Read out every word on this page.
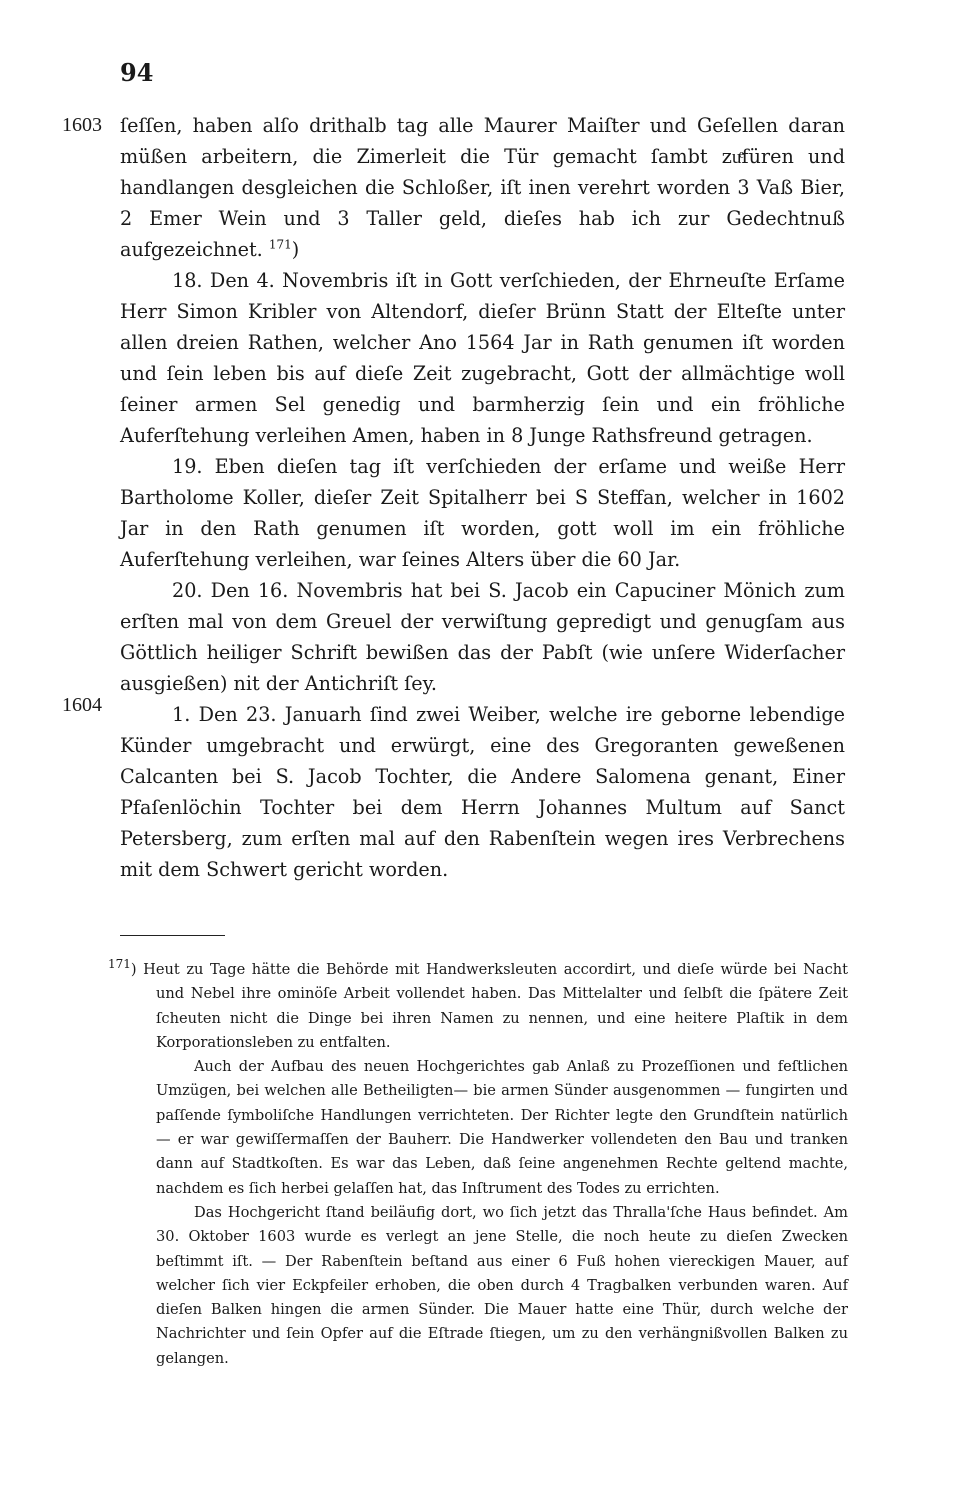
94
1603
1604

ſeſſen, haben alſo drithalb tag alle Maurer Maiſter und Geſellen daran müßen arbeitern, die Zimerleit die Tür gemacht ſambt zuͤfüren und handlangen desgleichen die Schloßer, iſt inen verehrt worden 3 Vaß Bier, 2 Emer Wein und 3 Taller geld, dieſes hab ich zur Gedechtnuß aufgezeichnet. $^{171}$)

18. Den 4. Novembris iſt in Gott verſchieden, der Ehrneuſte Erſame Herr Simon Kribler von Altendorf, dieſer Brünn Statt der Elteſte unter allen dreien Rathen, welcher Ano 1564 Jar in Rath genumen iſt worden und ſein leben bis auf dieſe Zeit zugebracht, Gott der allmächtige woll ſeiner armen Sel genedig und barmherzig ſein und ein fröhliche Auferſtehung verleihen Amen, haben in 8 Junge Rathsfreund getragen.

19. Eben dieſen tag iſt verſchieden der erſame und weiße Herr Bartholome Koller, dieſer Zeit Spitalherr bei S Steffan, welcher in 1602 Jar in den Rath genumen iſt worden, gott woll im ein fröhliche Auferſtehung verleihen, war ſeines Alters über die 60 Jar.

20. Den 16. Novembris hat bei S. Jacob ein Capuciner Mönich zum erſten mal von dem Greuel der verwiſtung gepredigt und genugſam aus Göttlich heiliger Schrift bewißen das der Pabſt (wie unſere Widerſacher ausgießen) nit der Antichriſt ſey.

1. Den 23. Januarh ſind zwei Weiber, welche ire geborne lebendige Künder umgebracht und erwürgt, eine des Gregoranten geweßenen Calcanten bei S. Jacob Tochter, die Andere Salomena genant, Einer Pfaſenlöchin Tochter bei dem Herrn Johannes Multum auf Sanct Petersberg, zum erſten mal auf den Rabenſtein wegen ires Verbrechens mit dem Schwert gericht worden.

$^{171}$) Heut zu Tage hätte die Behörde mit Handwerksleuten accordirt, und dieſe würde bei Nacht und Nebel ihre ominöſe Arbeit vollendet haben. Das Mittelalter und ſelbſt die ſpätere Zeit ſcheuten nicht die Dinge bei ihren Namen zu nennen, und eine heitere Plaſtik in dem Korporationsleben zu entfalten.

Auch der Aufbau des neuen Hochgerichtes gab Anlaß zu Prozeſſionen und feſtlichen Umzügen, bei welchen alle Betheiligten— bie armen Sünder ausgenommen — fungirten und paſſende ſymboliſche Handlungen verrichteten. Der Richter legte den Grundſtein natürlich — er war gewiſſermaſſen der Bauherr. Die Handwerker vollendeten den Bau und tranken dann auf Stadtkoſten. Es war das Leben, daß ſeine angenehmen Rechte geltend machte, nachdem es ſich herbei gelaſſen hat, das Inſtrument des Todes zu errichten.

Das Hochgericht ſtand beiläufig dort, wo ſich jetzt das Thralla'ſche Haus befindet. Am 30. Oktober 1603 wurde es verlegt an jene Stelle, die noch heute zu dieſen Zwecken beſtimmt iſt. — Der Rabenſtein beſtand aus einer 6 Fuß hohen viereckigen Mauer, auf welcher ſich vier Eckpfeiler erhoben, die oben durch 4 Tragbalken verbunden waren. Auf dieſen Balken hingen die armen Sünder. Die Mauer hatte eine Thür, durch welche der Nachrichter und ſein Opfer auf die Eſtrade ſtiegen, um zu den verhängnißvollen Balken zu gelangen.
